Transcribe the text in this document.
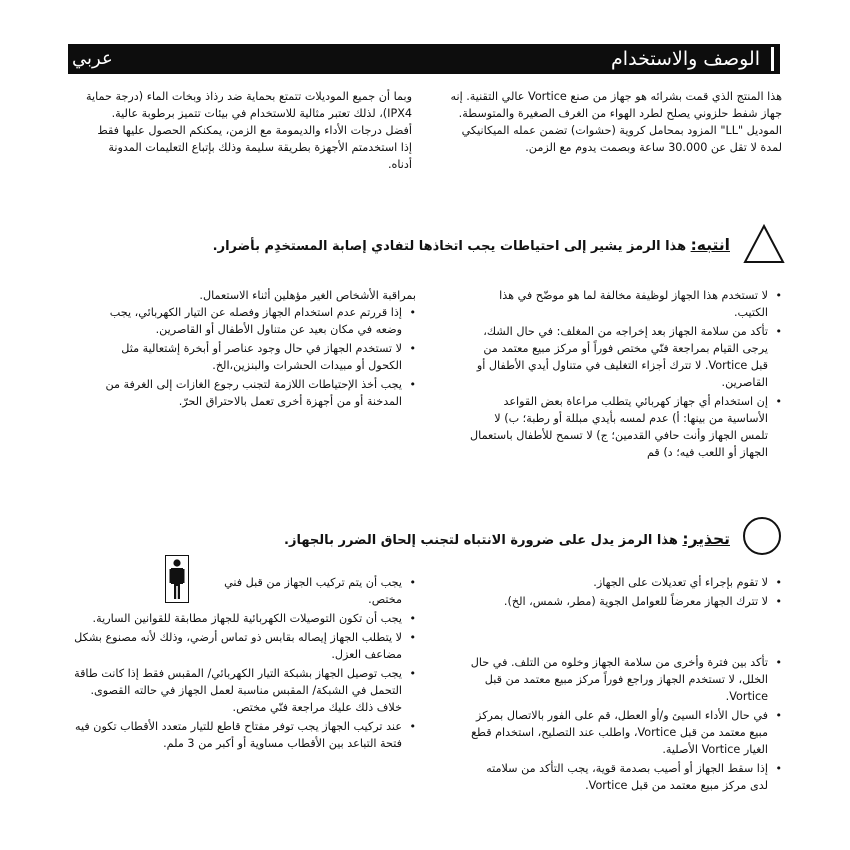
الوصف والاستخدام
عربي

هذا المنتج الذي قمت بشرائه هو جهاز من صنع Vortice عالي التقنية. إنه جهاز شفط حلزوني يصلح لطرد الهواء من الغرف الصغيرة والمتوسطة.

الموديل "LL" المزود بمحامل كروية (حشوات) تضمن عمله الميكانيكي لمدة لا تقل عن 30.000 ساعة وبصمت يدوم مع الزمن.

وبما أن جميع الموديلات تتمتع بحماية ضد رذاذ وبخات الماء (درجة حماية IPX4)، لذلك تعتبر مثالية للاستخدام في بيئات تتميز برطوبة عالية. أفضل درجات الأداء والديمومة مع الزمن، يمكنكم الحصول عليها فقط إذا استخدمتم الأجهزة بطريقة سليمة وذلك بإتباع التعليمات المدونة أدناه.

انتبه: هذا الرمز يشير إلى احتياطات يجب اتخاذها لتفادي إصابة المستخدِم بأضرار.
• لا تستخدم هذا الجهاز لوظيفة مخالفة لما هو موضّح في هذا الكتيب.
• تأكد من سلامة الجهاز بعد إخراجه من المغلف: في حال الشك، يرجى القيام بمراجعة فنّي مختص فوراً أو مركز مبيع معتمد من قبل Vortice. لا تترك أجزاء التغليف في متناول أيدي الأطفال أو القاصرين.
• إن استخدام أي جهاز كهربائي يتطلب مراعاة بعض القواعد الأساسية من بينها: أ) عدم لمسه بأيدي مبللة أو رطبة؛ ب) لا تلمس الجهاز وأنت حافي القدمين؛ ج) لا تسمح للأطفال باستعمال الجهاز أو اللعب فيه؛ د) قم

بمراقبة الأشخاص الغير مؤهلين أثناء الاستعمال.

• إذا قررتم عدم استخدام الجهاز وفصله عن التيار الكهربائي، يجب وضعه في مكان بعيد عن متناول الأطفال أو القاصرين.
• لا تستخدم الجهاز في حال وجود عناصر أو أبخرة إشتعالية مثل الكحول أو مبيدات الحشرات والبنزين،الخ.
• يجب أخذ الإحتياطات اللازمة لتجنب رجوع الغازات إلى الغرفة من المدخنة أو من أجهزة أخرى تعمل بالاحتراق الحرّ.
تحذير: هذا الرمز يدل على ضرورة الانتباه لتجنب إلحاق الضرر بالجهاز.
• لا تقوم بإجراء أي تعديلات على الجهاز.
• لا تترك الجهاز معرضاً للعوامل الجوية (مطر، شمس، الخ).
• تأكد بين فترة وأخرى من سلامة الجهاز وخلوه من التلف. في حال الخلل، لا تستخدم الجهاز وراجع فوراً مركز مبيع معتمد من قبل Vortice.
• في حال الأداء السيئ و/أو العطل، قم على الفور بالاتصال بمركز مبيع معتمد من قبل Vortice، واطلب عند التصليح، استخدام قطع الغيار Vortice الأصلية.
• إذا سقط الجهاز أو أصيب بصدمة قوية، يجب التأكد من سلامته لدى مركز مبيع معتمد من قبل Vortice.
• يجب أن يتم تركيب الجهاز من قبل فني مختص.
• يجب أن تكون التوصيلات الكهربائية للجهاز مطابقة للقوانين السارية.
• لا يتطلب الجهاز إيصاله بقابس ذو تماس أرضي، وذلك لأنه مصنوع بشكل مضاعف العزل.
• يجب توصيل الجهاز بشبكة التيار الكهربائي/ المقبس فقط إذا كانت طاقة التحمل في الشبكة/ المقبس مناسبة لعمل الجهاز في حالته القصوى. خلاف ذلك عليك مراجعة فنّي مختص.
• عند تركيب الجهاز يجب توفر مفتاح قاطع للتيار متعدد الأقطاب تكون فيه فتحة التباعد بين الأقطاب مساوية أو أكبر من 3 ملم.
